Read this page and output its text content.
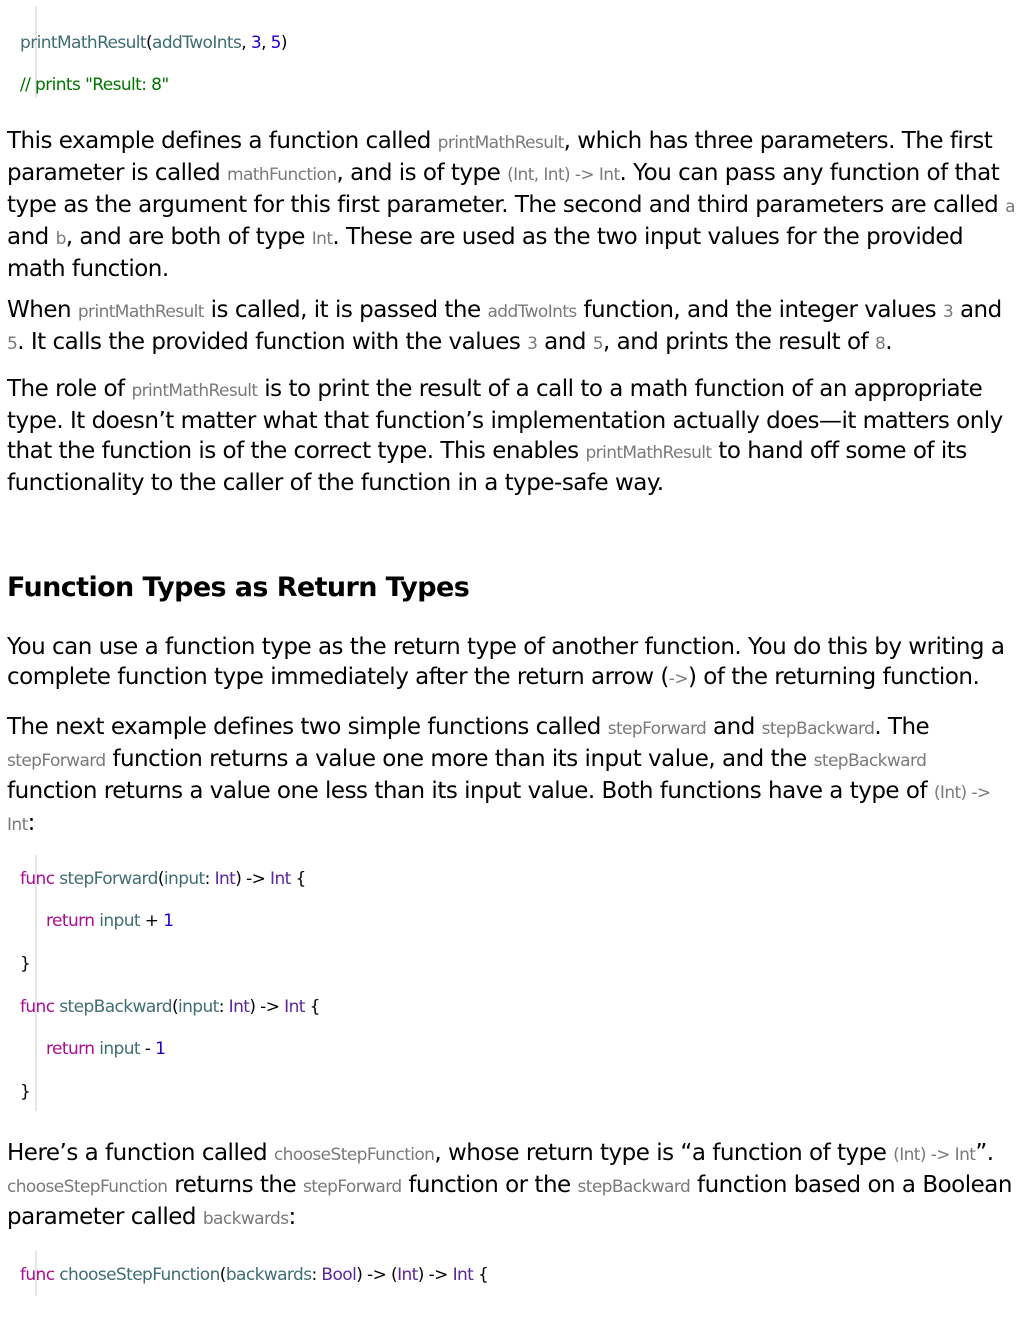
printMathResult(addTwoInts, 3, 5)
// prints "Result: 8"

This example defines a function called printMathResult, which has three parameters. The first parameter is called mathFunction, and is of type (Int, Int) -> Int. You can pass any function of that type as the argument for this first parameter. The second and third parameters are called a and b, and are both of type Int. These are used as the two input values for the provided math function.

When printMathResult is called, it is passed the addTwoInts function, and the integer values 3 and 5. It calls the provided function with the values 3 and 5, and prints the result of 8.

The role of printMathResult is to print the result of a call to a math function of an appropriate type. It doesn’t matter what that function’s implementation actually does—it matters only that the function is of the correct type. This enables printMathResult to hand off some of its functionality to the caller of the function in a type-safe way.

Function Types as Return Types

You can use a function type as the return type of another function. You do this by writing a complete function type immediately after the return arrow (->) of the returning function.

The next example defines two simple functions called stepForward and stepBackward. The stepForward function returns a value one more than its input value, and the stepBackward function returns a value one less than its input value. Both functions have a type of (Int) -> Int:

func stepForward(input: Int) -> Int {
return input + 1
}
func stepBackward(input: Int) -> Int {
return input - 1
}

Here’s a function called chooseStepFunction, whose return type is “a function of type (Int) -> Int”. chooseStepFunction returns the stepForward function or the stepBackward function based on a Boolean parameter called backwards:

func chooseStepFunction(backwards: Bool) -> (Int) -> Int {
